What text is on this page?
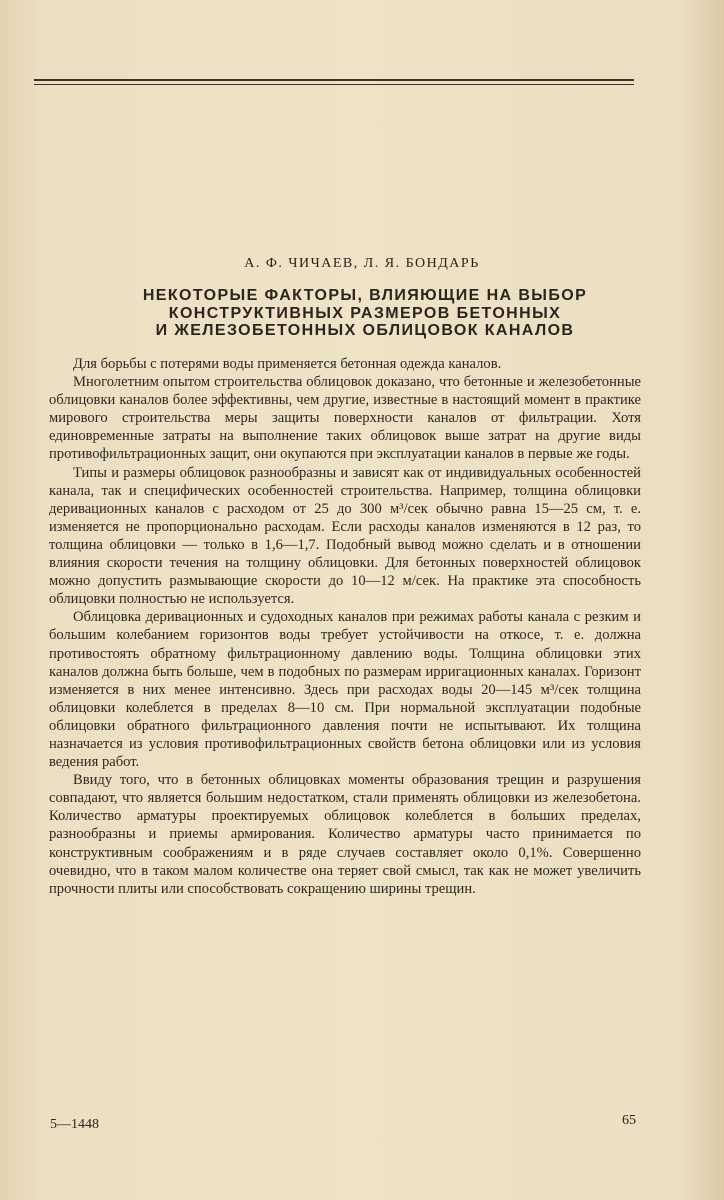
А. Ф. ЧИЧАЕВ, Л. Я. БОНДАРЬ
НЕКОТОРЫЕ ФАКТОРЫ, ВЛИЯЮЩИЕ НА ВЫБОР
КОНСТРУКТИВНЫХ РАЗМЕРОВ БЕТОННЫХ
И ЖЕЛЕЗОБЕТОННЫХ ОБЛИЦОВОК КАНАЛОВ

Для борьбы с потерями воды применяется бетонная одежда каналов.

Многолетним опытом строительства облицовок доказано, что бетонные и железобетонные облицовки каналов более эффективны, чем другие, известные в настоящий момент в практике мирового строительства меры защиты поверхности каналов от фильтрации. Хотя единовременные затраты на выполнение таких облицовок выше затрат на другие виды противофильтрационных защит, они окупаются при эксплуатации каналов в первые же годы.

Типы и размеры облицовок разнообразны и зависят как от индивидуальных особенностей канала, так и специфических особенностей строительства. Например, толщина облицовки деривационных каналов с расходом от 25 до 300 м³/сек обычно равна 15—25 см, т. е. изменяется не пропорционально расходам. Если расходы каналов изменяются в 12 раз, то толщина облицовки — только в 1,6—1,7. Подобный вывод можно сделать и в отношении влияния скорости течения на толщину облицовки. Для бетонных поверхностей облицовок можно допустить размывающие скорости до 10—12 м/сек. На практике эта способность облицовки полностью не используется.

Облицовка деривационных и судоходных каналов при режимах работы канала с резким и большим колебанием горизонтов воды требует устойчивости на откосе, т. е. должна противостоять обратному фильтрационному давлению воды. Толщина облицовки этих каналов должна быть больше, чем в подобных по размерам ирригационных каналах. Горизонт изменяется в них менее интенсивно. Здесь при расходах воды 20—145 м³/сек толщина облицовки колеблется в пределах 8—10 см. При нормальной эксплуатации подобные облицовки обратного фильтрационного давления почти не испытывают. Их толщина назначается из условия противофильтрационных свойств бетона облицовки или из условия ведения работ.

Ввиду того, что в бетонных облицовках моменты образования трещин и разрушения совпадают, что является большим недостатком, стали применять облицовки из железобетона. Количество арматуры проектируемых облицовок колеблется в больших пределах, разнообразны и приемы армирования. Количество арматуры часто принимается по конструктивным соображениям и в ряде случаев составляет около 0,1%. Совершенно очевидно, что в таком малом количестве она теряет свой смысл, так как не может увеличить прочности плиты или способствовать сокращению ширины трещин.

5—1448	65
